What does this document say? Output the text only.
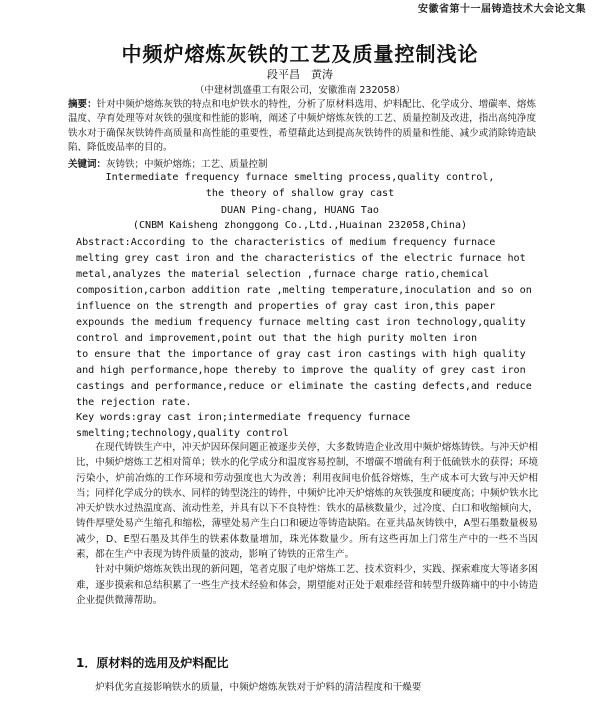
安徽省第十一届铸造技术大会论文集
中频炉熔炼灰铁的工艺及质量控制浅论
段平昌　黄涛
（中建材凯盛重工有限公司，安徽淮南 232058）

摘要：针对中频炉熔炼灰铁的特点和电炉铁水的特性，分析了原材料选用、炉料配比、化学成分、增碳率、熔炼温度、孕育处理等对灰铁的强度和性能的影响，阐述了中频炉熔炼灰铁的工艺、质量控制及改进，指出高纯净度铁水对于确保灰铁铸件高质量和高性能的重要性，希望藉此达到提高灰铁铸件的质量和性能、减少或消除铸造缺陷、降低废品率的目的。

关键词：灰铸铁；中频炉熔炼；工艺、质量控制

Intermediate frequency furnace smelting process,quality control,
the theory of shallow gray cast
DUAN Ping-chang, HUANG Tao
(CNBM Kaisheng zhonggong Co.,Ltd.,Huainan 232058,China)
Abstract:According to the characteristics of medium frequency furnace
melting grey cast iron and the characteristics of the electric furnace hot
metal,analyzes the material selection ,furnace charge ratio,chemical
composition,carbon addition rate ,melting temperature,inoculation and so on
influence on the strength and properties of gray cast iron,this paper
expounds the medium frequency furnace melting cast iron technology,quality
control and improvement,point out that the high purity molten iron
to ensure that the importance of gray cast iron castings with high quality
and high performance,hope thereby to improve the quality of grey cast iron
castings and performance,reduce or eliminate the casting defects,and reduce
the rejection rate.
Key words:gray cast iron;intermediate frequency furnace
smelting;technology,quality control

在现代铸铁生产中，冲天炉因环保问题正被逐步关停，大多数铸造企业改用中频炉熔炼铸铁。与冲天炉相比，中频炉熔炼工艺相对简单；铁水的化学成分和温度容易控制，不增碳不增硫有利于低硫铁水的获得；环境污染小，炉前冶炼的工作环境和劳动强度也大为改善；利用夜间电价低谷熔炼，生产成本可大致与冲天炉相当；同样化学成分的铁水、同样的铸型浇注的铸件，中频炉比冲天炉熔炼的灰铁强度和硬度高；中频炉铁水比冲天炉铁水过热温度高、流动性差，并具有以下不良特性：铁水的晶核数量少，过冷度、白口和收缩倾向大，铸件厚壁处易产生缩孔和缩松，薄壁处易产生白口和硬边等铸造缺陷。在亚共晶灰铸铁中，A型石墨数量极易减少，D、E型石墨及其伴生的铁素体数量增加，珠光体数量少。所有这些再加上门常生产中的一些不当因素，都在生产中表现为铸件质量的波动，影响了铸铁的正常生产。

针对中频炉熔炼灰铁出现的新问题，笔者克服了电炉熔炼工艺、技术资料少，实践、探索难度大等诸多困难，逐步摸索和总结积累了一些生产技术经验和体会，期望能对正处于艰难经营和转型升级阵痛中的中小铸造企业提供微薄帮助。

1．原材料的选用及炉料配比
炉料优劣直接影响铁水的质量，中频炉熔炼灰铁对于炉料的清洁程度和干燥要
